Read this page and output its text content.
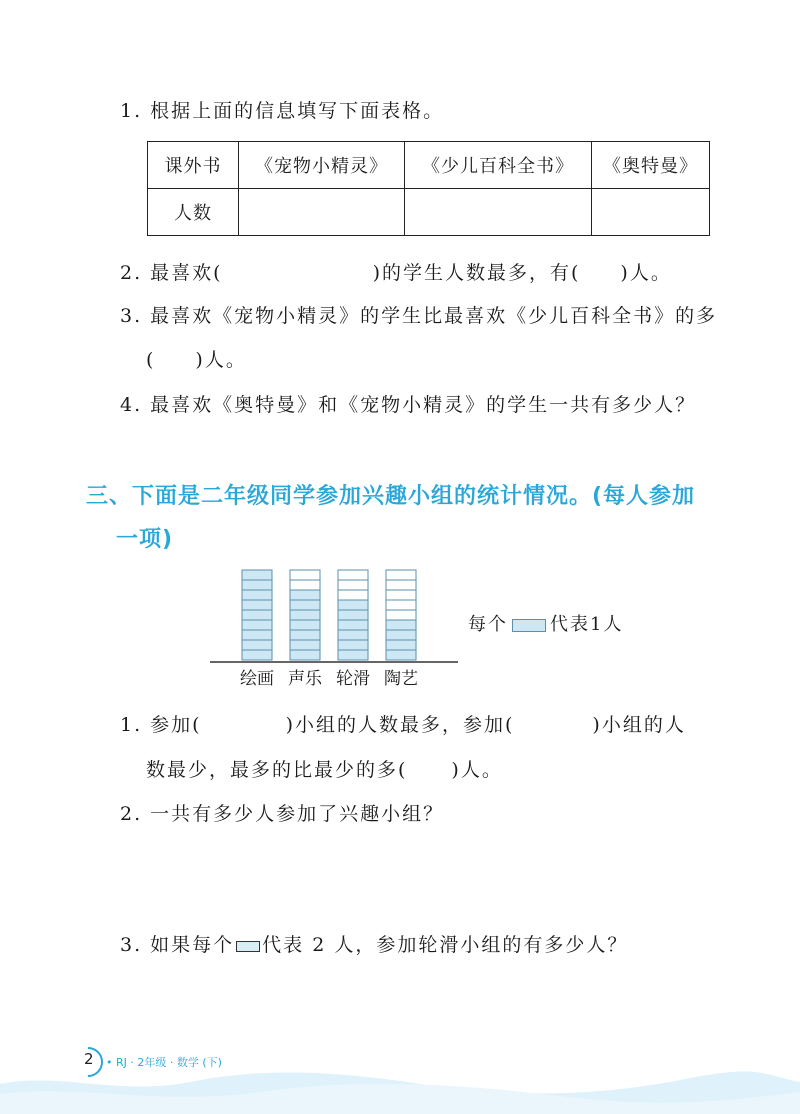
1. 根据上面的信息填写下面表格。
课外书	《宠物小精灵》	《少儿百科全书》	《奥特曼》
人数			
2. 最喜欢(	)的学生人数最多，有( )人。
3. 最喜欢《宠物小精灵》的学生比最喜欢《少儿百科全书》的多
( )人。
4. 最喜欢《奥特曼》和《宠物小精灵》的学生一共有多少人？
三、下面是二年级同学参加兴趣小组的统计情况。(每人参加
一项)
绘画 声乐 轮滑 陶艺
每个 代表1人
1. 参加(	)小组的人数最多，参加(	)小组的人
数最少，最多的比最少的多( )人。
2. 一共有多少人参加了兴趣小组？
3. 如果每个 代表 2 人，参加轮滑小组的有多少人？
2 • RJ · 2年级 · 数学 (下)
